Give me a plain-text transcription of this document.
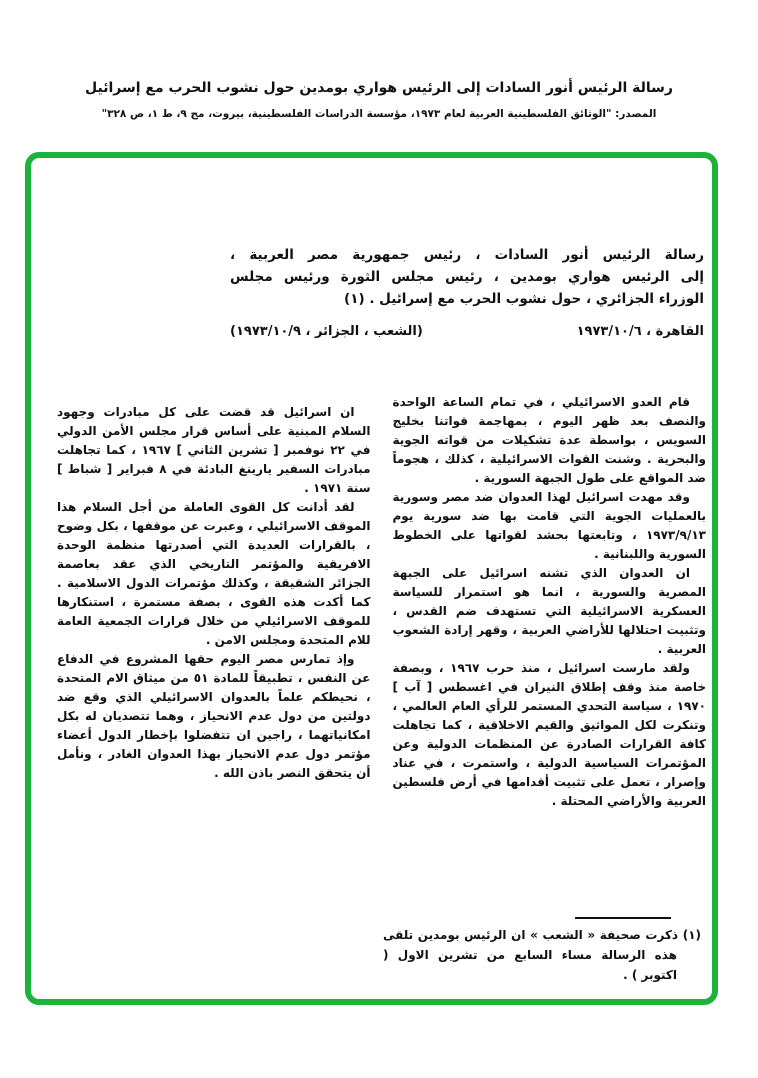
رسالة الرئيس أنور السادات إلى الرئيس هواري بومدين حول نشوب الحرب مع إسرائيل
المصدر: "الوثائق الفلسطينية العربية لعام ١٩٧٣، مؤسسة الدراسات الفلسطينية، بيروت، مج ٩، ط ١، ص ٣٢٨"
رسالة الرئيس أنور السادات ، رئيس جمهورية مصر العربية ،
إلى الرئيس هواري بومدين ، رئيس مجلس الثورة ورئيس مجلس
الوزراء الجزائري ، حول نشوب الحرب مع إسرائيل . (١)
القاهرة ، ١٩٧٣/١٠/٦
(الشعب ، الجزائر ، ١٩٧٣/١٠/٩)

قام العدو الاسرائيلي ، في تمام الساعة الواحدة والنصف بعد ظهر اليوم ، بمهاجمة قواتنا بخليج السويس ، بواسطة عدة تشكيلات من قواته الجوية والبحرية . وشنت القوات الاسرائيلية ، كذلك ، هجوماً ضد المواقع على طول الجبهة السورية .

وقد مهدت اسرائيل لهذا العدوان ضد مصر وسورية بالعمليات الجوية التي قامت بها ضد سورية يوم ١٩٧٣/٩/١٣ ، وتابعتها بحشد لقواتها على الخطوط السورية واللبنانية .

ان العدوان الذي تشنه اسرائيل على الجبهة المصرية والسورية ، انما هو استمرار للسياسة العسكرية الاسرائيلية التي تستهدف ضم القدس ، وتثبيت احتلالها للأراضي العربية ، وقهر إرادة الشعوب العربية .

ولقد مارست اسرائيل ، منذ حرب ١٩٦٧ ، وبصفة خاصة منذ وقف إطلاق النيران في اغسطس [ آب ] ١٩٧٠ ، سياسة التحدي المستمر للرأي العام العالمي ، وتنكرت لكل المواثيق والقيم الاخلاقية ، كما تجاهلت كافة القرارات الصادرة عن المنظمات الدولية وعن المؤتمرات السياسية الدولية ، واستمرت ، في عناد وإصرار ، تعمل على تثبيت أقدامها في أرض فلسطين العربية والأراضي المحتلة .

ان اسرائيل قد قضت على كل مبادرات وجهود السلام المبنية على أساس قرار مجلس الأمن الدولي في ٢٢ نوفمبر [ تشرين الثاني ] ١٩٦٧ ، كما تجاهلت مبادرات السفير يارينغ البادئة في ٨ فبراير [ شباط ] سنة ١٩٧١ .

لقد أدانت كل القوى العاملة من أجل السلام هذا الموقف الاسرائيلي ، وعبرت عن موقفها ، بكل وضوح ، بالقرارات العديدة التي أصدرتها منظمة الوحدة الافريقية والمؤتمر التاريخي الذي عقد بعاصمة الجزائر الشقيقة ، وكذلك مؤتمرات الدول الاسلامية . كما أكدت هذه القوى ، بصفة مستمرة ، استنكارها للموقف الاسرائيلي من خلال قرارات الجمعية العامة للام المتحدة ومجلس الامن .

وإذ تمارس مصر اليوم حقها المشروع في الدفاع عن النفس ، تطبيقاً للمادة ٥١ من ميثاق الام المتحدة ، نحيطكم علماً بالعدوان الاسرائيلي الذي وقع ضد دولتين من دول عدم الانحياز ، وهما تتصديان له بكل امكانياتهما ، راجين ان تتفضلوا بإخطار الدول أعضاء مؤتمر دول عدم الانحياز بهذا العدوان الغادر ، ونأمل أن يتحقق النصر باذن الله .

(١) ذكرت صحيفة « الشعب » ان الرئيس بومدين تلقى هذه الرسالة مساء السابع من تشرين الاول ( اكتوبر ) .
